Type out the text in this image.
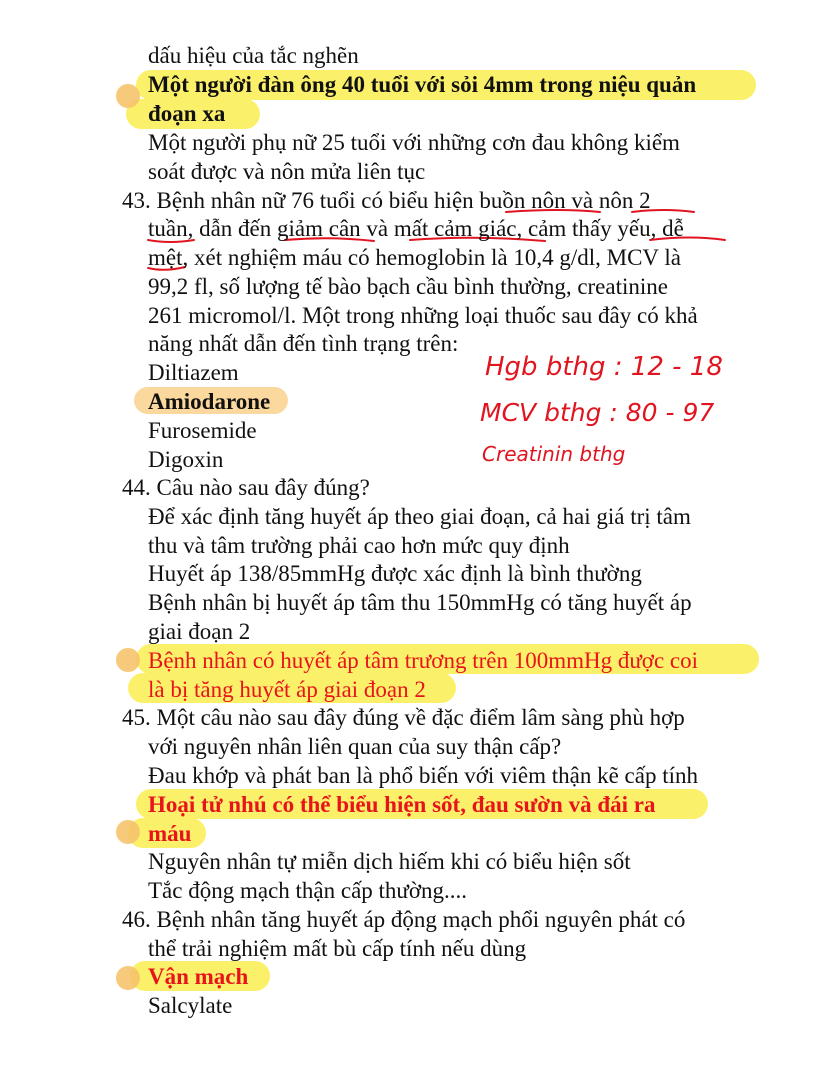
dấu hiệu của tắc nghẽn
Một người đàn ông 40 tuổi với sỏi 4mm trong niệu quản
đoạn xa
Một người phụ nữ 25 tuổi với những cơn đau không kiểm
soát được và nôn mửa liên tục
43. Bệnh nhân nữ 76 tuổi có biểu hiện buồn nôn và nôn 2
tuần, dẫn đến giảm cân và mất cảm giác, cảm thấy yếu, dễ
mệt, xét nghiệm máu có hemoglobin là 10,4 g/dl, MCV là
99,2 fl, số lượng tế bào bạch cầu bình thường, creatinine
261 micromol/l. Một trong những loại thuốc sau đây có khả
năng nhất dẫn đến tình trạng trên:
Diltiazem
Amiodarone
Furosemide
Digoxin
Hgb bthg : 12 - 18
MCV bthg : 80 - 97
Creatinin bthg
44. Câu nào sau đây đúng?
Để xác định tăng huyết áp theo giai đoạn, cả hai giá trị tâm
thu và tâm trường phải cao hơn mức quy định
Huyết áp 138/85mmHg được xác định là bình thường
Bệnh nhân bị huyết áp tâm thu 150mmHg có tăng huyết áp
giai đoạn 2
Bệnh nhân có huyết áp tâm trương trên 100mmHg được coi
là bị tăng huyết áp giai đoạn 2
45. Một câu nào sau đây đúng về đặc điểm lâm sàng phù hợp
với nguyên nhân liên quan của suy thận cấp?
Đau khớp và phát ban là phổ biến với viêm thận kẽ cấp tính
Hoại tử nhú có thể biểu hiện sốt, đau sườn và đái ra
máu
Nguyên nhân tự miễn dịch hiếm khi có biểu hiện sốt
Tắc động mạch thận cấp thường....
46. Bệnh nhân tăng huyết áp động mạch phổi nguyên phát có
thể trải nghiệm mất bù cấp tính nếu dùng
Vận mạch
Salcylate
